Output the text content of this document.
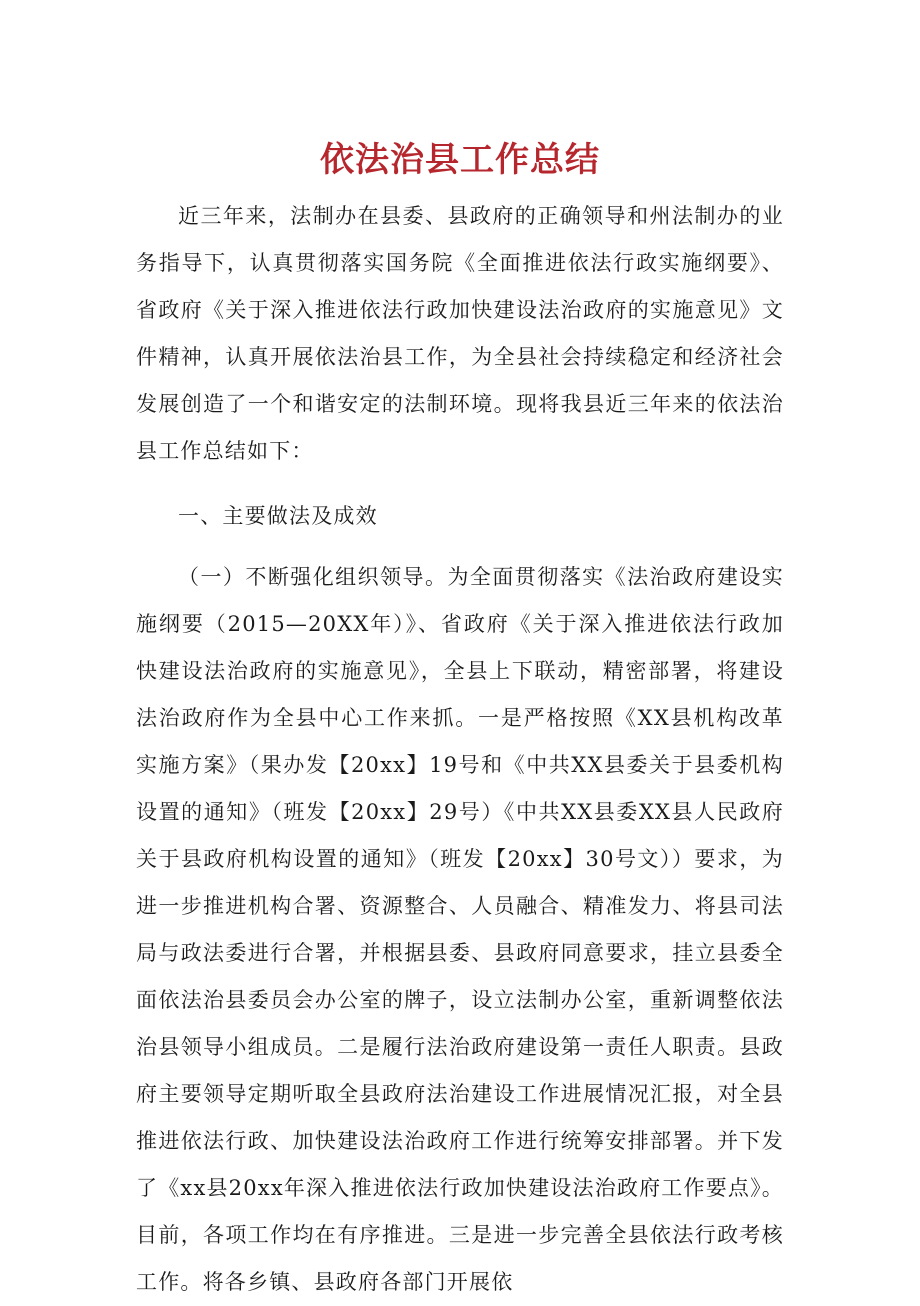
依法治县工作总结

近三年来，法制办在县委、县政府的正确领导和州法制办的业务指导下，认真贯彻落实国务院《全面推进依法行政实施纲要》、省政府《关于深入推进依法行政加快建设法治政府的实施意见》文件精神，认真开展依法治县工作，为全县社会持续稳定和经济社会发展创造了一个和谐安定的法制环境。现将我县近三年来的依法治县工作总结如下：

一、主要做法及成效

（一）不断强化组织领导。为全面贯彻落实《法治政府建设实施纲要（2015—20XX年）》、省政府《关于深入推进依法行政加快建设法治政府的实施意见》，全县上下联动，精密部署，将建设法治政府作为全县中心工作来抓。一是严格按照《XX县机构改革实施方案》（果办发【20xx】19号和《中共XX县委关于县委机构设置的通知》（班发【20xx】29号）《中共XX县委XX县人民政府关于县政府机构设置的通知》（班发【20xx】30号文））要求，为进一步推进机构合署、资源整合、人员融合、精准发力、将县司法局与政法委进行合署，并根据县委、县政府同意要求，挂立县委全面依法治县委员会办公室的牌子，设立法制办公室，重新调整依法治县领导小组成员。二是履行法治政府建设第一责任人职责。县政府主要领导定期听取全县政府法治建设工作进展情况汇报，对全县推进依法行政、加快建设法治政府工作进行统筹安排部署。并下发了《xx县20xx年深入推进依法行政加快建设法治政府工作要点》。目前，各项工作均在有序推进。三是进一步完善全县依法行政考核工作。将各乡镇、县政府各部门开展依
